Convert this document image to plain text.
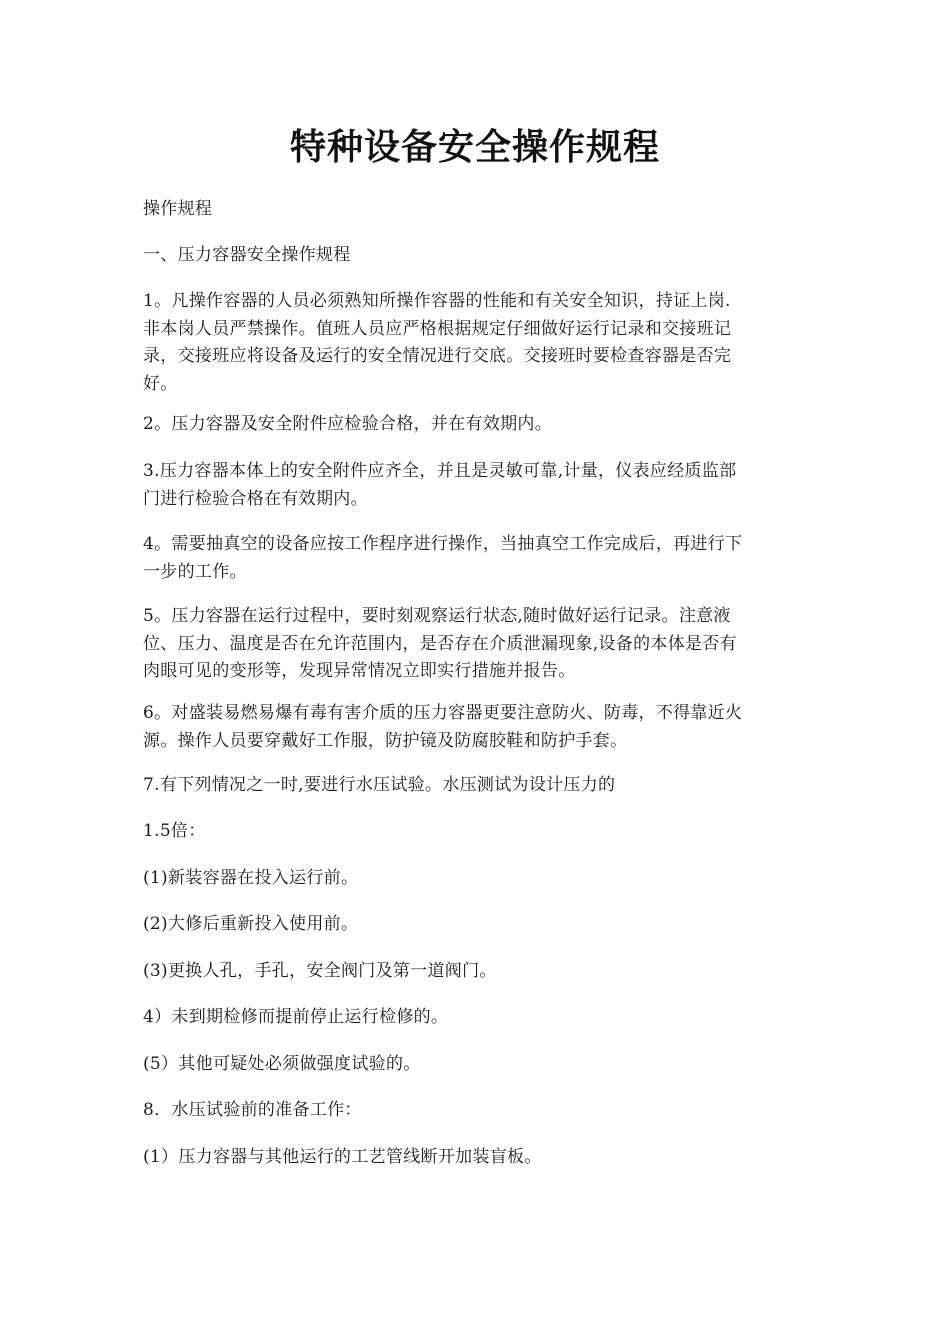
特种设备安全操作规程

操作规程

一、压力容器安全操作规程

1。凡操作容器的人员必须熟知所操作容器的性能和有关安全知识，持证上岗.
非本岗人员严禁操作。值班人员应严格根据规定仔细做好运行记录和交接班记
录，交接班应将设备及运行的安全情况进行交底。交接班时要检查容器是否完
好。

2。压力容器及安全附件应检验合格，并在有效期内。

3.压力容器本体上的安全附件应齐全，并且是灵敏可靠,计量，仪表应经质监部
门进行检验合格在有效期内。

4。需要抽真空的设备应按工作程序进行操作，当抽真空工作完成后，再进行下
一步的工作。

5。压力容器在运行过程中，要时刻观察运行状态,随时做好运行记录。注意液
位、压力、温度是否在允许范围内，是否存在介质泄漏现象,设备的本体是否有
肉眼可见的变形等，发现异常情况立即实行措施并报告。

6。对盛装易燃易爆有毒有害介质的压力容器更要注意防火、防毒，不得靠近火
源。操作人员要穿戴好工作服，防护镜及防腐胶鞋和防护手套。

7.有下列情况之一时,要进行水压试验。水压测试为设计压力的

1.5倍：

(1)新装容器在投入运行前。

(2)大修后重新投入使用前。

(3)更换人孔，手孔，安全阀门及第一道阀门。

4）未到期检修而提前停止运行检修的。

(5）其他可疑处必须做强度试验的。

8．水压试验前的准备工作：

(1）压力容器与其他运行的工艺管线断开加装盲板。
